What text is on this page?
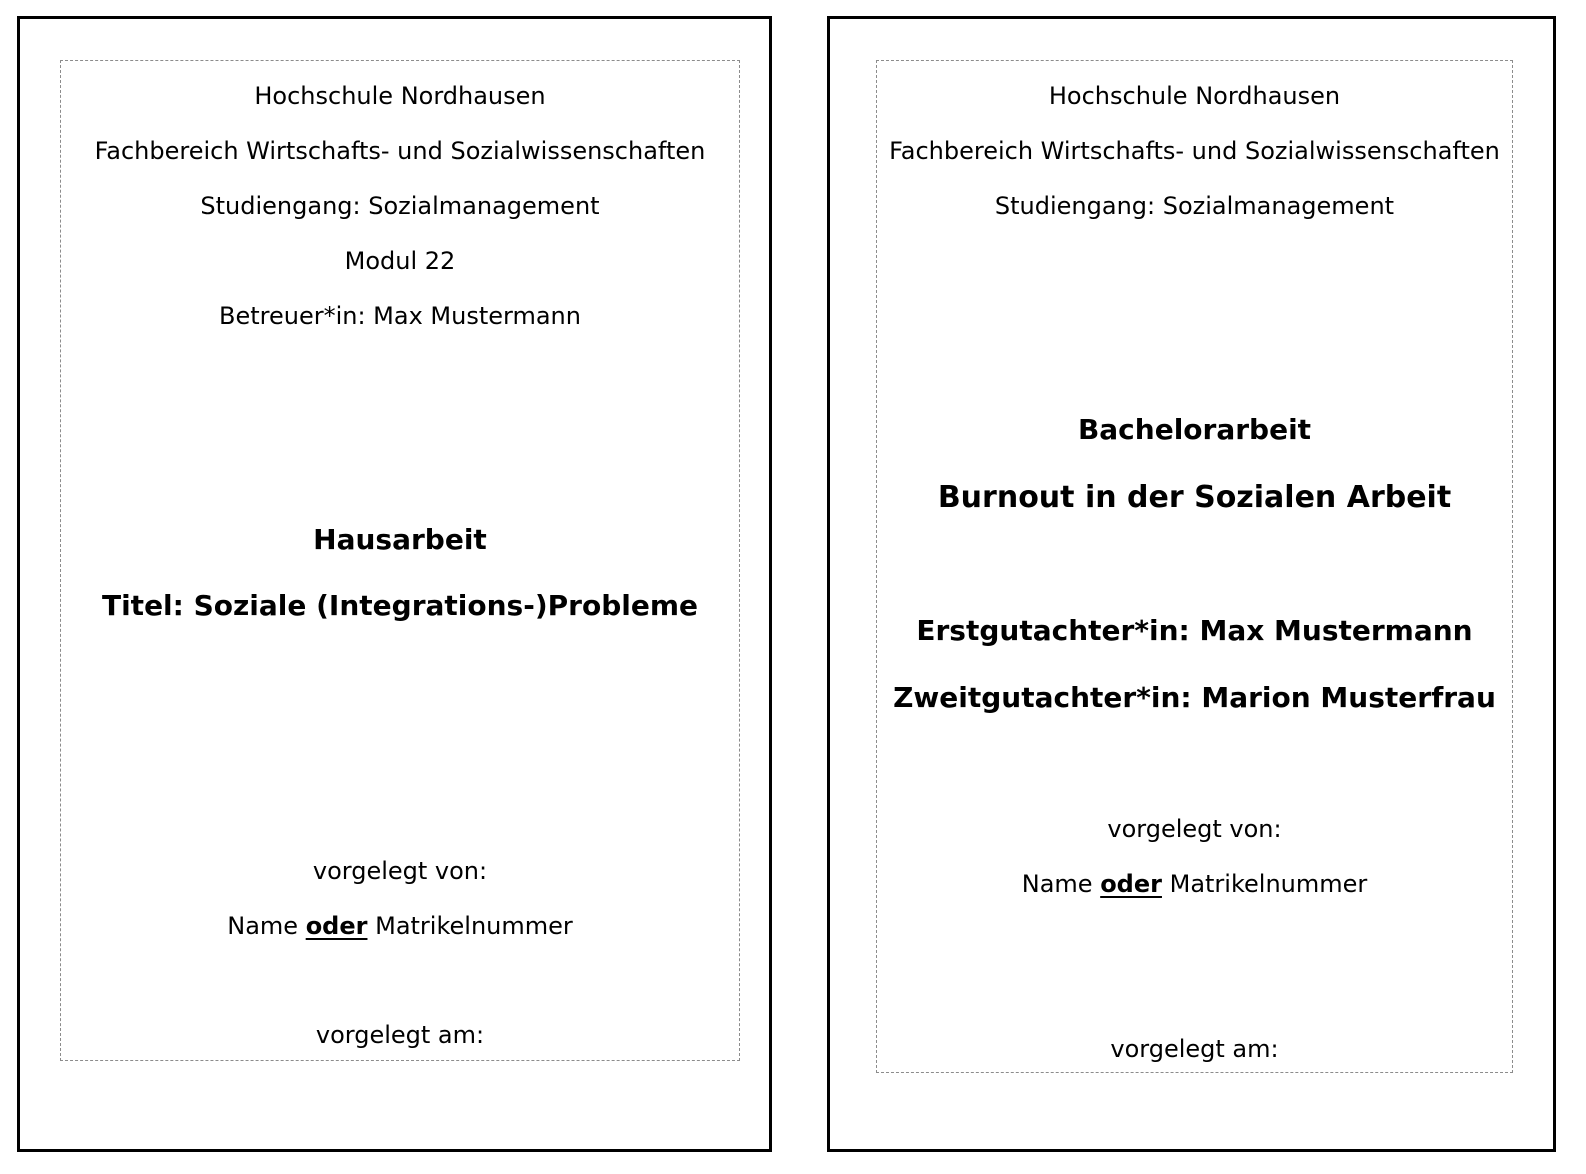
Hochschule Nordhausen
Fachbereich Wirtschafts- und Sozialwissenschaften
Studiengang: Sozialmanagement
Modul 22
Betreuer*in: Max Mustermann
Hausarbeit
Titel: Soziale (Integrations-)Probleme
vorgelegt von:
Name oder Matrikelnummer
vorgelegt am:
Hochschule Nordhausen
Fachbereich Wirtschafts- und Sozialwissenschaften
Studiengang: Sozialmanagement
Bachelorarbeit
Burnout in der Sozialen Arbeit
Erstgutachter*in: Max Mustermann
Zweitgutachter*in: Marion Musterfrau
vorgelegt von:
Name oder Matrikelnummer
vorgelegt am:
